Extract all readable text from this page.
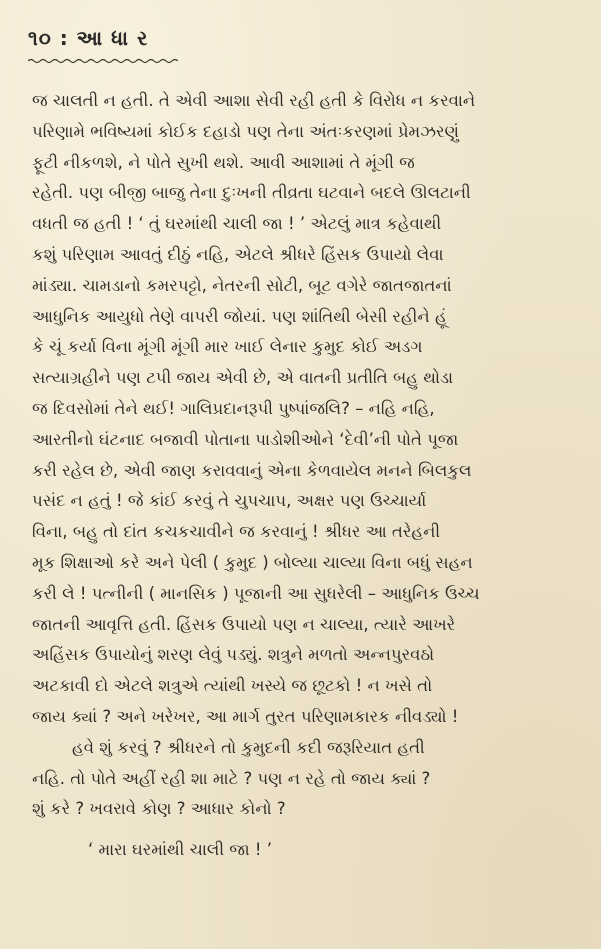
૧૦ : આ ધા ર

જ ચાલતી ન હતી. તે એવી આશા સેવી રહી હતી કે વિરોધ ન કરવાને

પરિણામે ભવિષ્યમાં કોઈક દહાડો પણ તેના અંતઃકરણમાં પ્રેમઝરણું

ફૂટી નીકળશે, ને પોતે સુખી થશે. આવી આશામાં તે મૂંગી જ

રહેતી. પણ બીજી બાજુ તેના દુઃખની તીવ્રતા ઘટવાને બદલે ઊલટાની

વધતી જ હતી ! ‘ તું ઘરમાંથી ચાલી જા ! ’ એટલું માત્ર કહેવાથી

કશું પરિણામ આવતું દીઠું નહિ, એટલે શ્રીધરે હિંસક ઉપાયો લેવા

માંડ્યા. ચામડાનો કમરપટ્ટો, નેતરની સોટી, બૂટ વગેરે જાતજાતનાં

આધુનિક આયુધો તેણે વાપરી જોયાં. પણ શાંતિથી બેસી રહીને હૂં

કે ચૂં કર્યા વિના મૂંગી મૂંગી માર ખાઈ લેનાર કુમુદ કોઈ અડગ

સત્યાગ્રહીને પણ ટપી જાય એવી છે, એ વાતની પ્રતીતિ બહુ થોડા

જ દિવસોમાં તેને થઈ! ગાલિપ્રદાનરૂપી પુષ્પાંજલિ? – નહિ નહિ,

આરતીનો ઘંટનાદ બજાવી પોતાના પાડોશીઓને ‘દેવી’ની પોતે પૂજા

કરી રહેલ છે, એવી જાણ કરાવવાનું એના કેળવાયેલ મનને બિલકુલ

પસંદ ન હતું ! જે કાંઈ કરવું તે ચુપચાપ, અક્ષર પણ ઉચ્ચાર્યા

વિના, બહુ તો દાંત કચકચાવીને જ કરવાનું ! શ્રીધર આ તરેહની

મૂક શિક્ષાઓ કરે અને પેલી ( કુમુદ ) બોલ્યા ચાલ્યા વિના બધું સહન

કરી લે ! પત્નીની ( માનસિક ) પૂજાની આ સુધરેલી – આધુનિક ઉચ્ચ

જાતની આવૃત્તિ હતી. હિંસક ઉપાયો પણ ન ચાલ્યા, ત્યારે આખરે

અહિંસક ઉપાયોનું શરણ લેવું પડ્યું. શત્રુને મળતો અન્નપુરવઠો

અટકાવી દો એટલે શત્રુએ ત્યાંથી ખસ્યે જ છૂટકો ! ન ખસે તો

જાય ક્યાં ? અને ખરેખર, આ માર્ગ તુરત પરિણામકારક નીવડ્યો !

હવે શું કરવું ? શ્રીધરને તો કુમુદની કદી જરૂરિયાત હતી

નહિ. તો પોતે અહીં રહી શા માટે ? પણ ન રહે તો જાય ક્યાં ?

શું કરે ? ખવરાવે કોણ ? આધાર કોનો ?

‘ મારા ઘરમાંથી ચાલી જા ! ’
